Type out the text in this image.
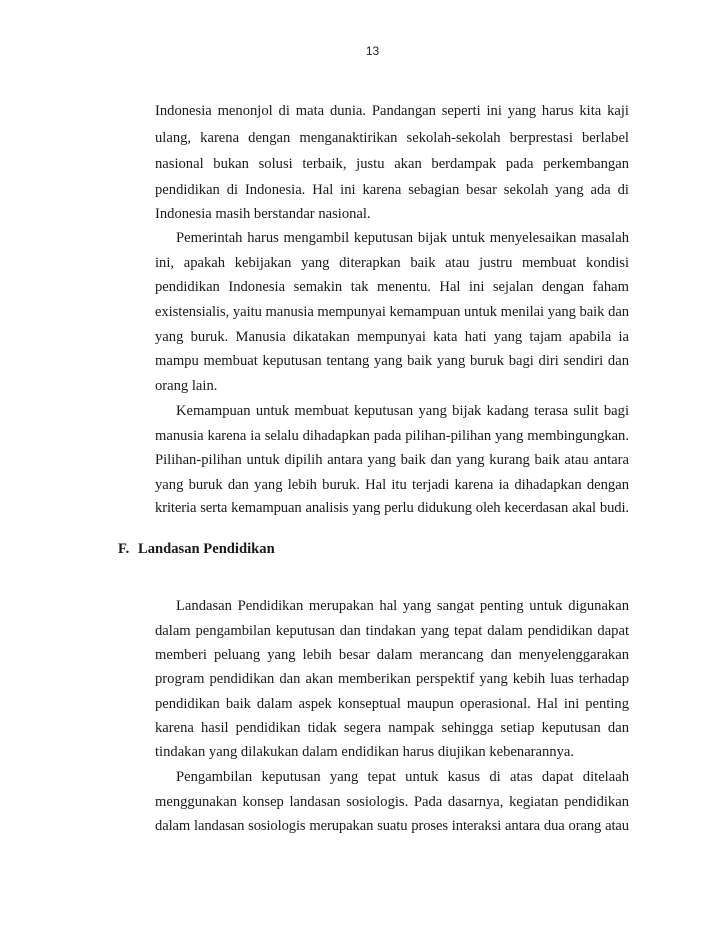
13
Indonesia menonjol di mata dunia. Pandangan seperti ini yang harus kita kaji
ulang, karena dengan menganaktirikan sekolah-sekolah berprestasi berlabel
nasional bukan solusi terbaik, justu akan berdampak pada perkembangan
pendidikan di Indonesia. Hal ini karena sebagian besar sekolah yang ada di
Indonesia masih berstandar nasional.
Pemerintah harus mengambil keputusan bijak untuk menyelesaikan masalah
ini, apakah kebijakan yang diterapkan baik atau justru membuat kondisi
pendidikan Indonesia semakin tak menentu. Hal ini sejalan dengan faham
existensialis, yaitu manusia mempunyai kemampuan untuk menilai yang baik dan
yang buruk. Manusia dikatakan mempunyai kata hati yang tajam apabila ia
mampu membuat keputusan tentang yang baik yang buruk bagi diri sendiri dan
orang lain.
Kemampuan untuk membuat keputusan yang bijak kadang terasa sulit bagi
manusia karena ia selalu dihadapkan pada pilihan-pilihan yang membingungkan.
Pilihan-pilihan untuk dipilih antara yang baik dan yang kurang baik atau antara
yang buruk dan yang lebih buruk. Hal itu terjadi karena ia dihadapkan dengan
kriteria serta kemampuan analisis yang perlu didukung oleh kecerdasan akal budi.
F. Landasan Pendidikan
Landasan Pendidikan merupakan hal yang sangat penting untuk digunakan
dalam pengambilan keputusan dan tindakan yang tepat dalam pendidikan dapat
memberi peluang yang lebih besar dalam merancang dan menyelenggarakan
program pendidikan dan akan memberikan perspektif yang kebih luas terhadap
pendidikan baik dalam aspek konseptual maupun operasional. Hal ini penting
karena hasil pendidikan tidak segera nampak sehingga setiap keputusan dan
tindakan yang dilakukan dalam endidikan harus diujikan kebenarannya.
Pengambilan keputusan yang tepat untuk kasus di atas dapat ditelaah
menggunakan konsep landasan sosiologis. Pada dasarnya, kegiatan pendidikan
dalam landasan sosiologis merupakan suatu proses interaksi antara dua orang atau
